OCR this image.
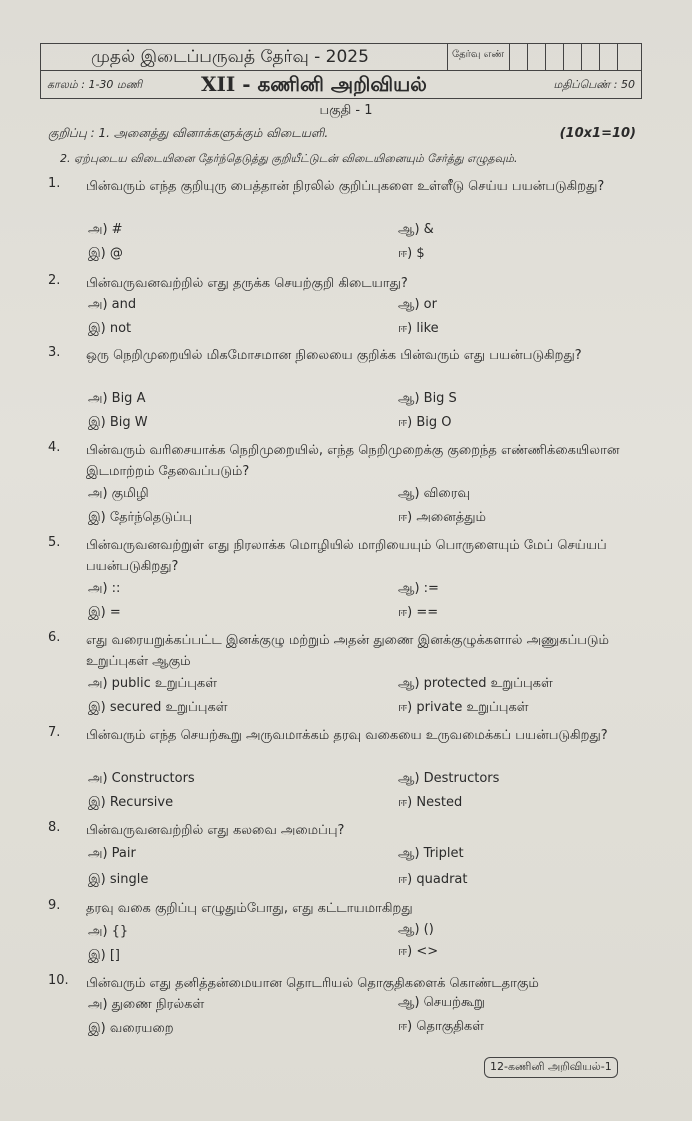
முதல் இடைப்பருவத் தேர்வு - 2025	தேர்வு எண்
காலம் : 1-30 மணி	XII - கணினி அறிவியல்	மதிப்பெண் : 50
பகுதி - 1
குறிப்பு : 1. அனைத்து வினாக்களுக்கும் விடையளி.	(10x1=10)
2. ஏற்புடைய விடையினை தேர்ந்தெடுத்து குறியீட்டுடன் விடையினையும் சேர்த்து எழுதவும்.
1. பின்வரும் எந்த குறியுரு பைத்தான் நிரலில் குறிப்புகளை உள்ளீடு செய்ய பயன்படுகிறது?
அ) #	ஆ) &
இ) @	ஈ) $
2. பின்வருவனவற்றில் எது தருக்க செயற்குறி கிடையாது?
அ) and	ஆ) or
இ) not	ஈ) like
3. ஒரு நெறிமுறையில் மிகமோசமான நிலையை குறிக்க பின்வரும் எது பயன்படுகிறது?
அ) Big A	ஆ) Big S
இ) Big W	ஈ) Big O
4. பின்வரும் வரிசையாக்க நெறிமுறையில், எந்த நெறிமுறைக்கு குறைந்த எண்ணிக்கையிலான இடமாற்றம் தேவைப்படும்?
அ) குமிழி	ஆ) விரைவு
இ) தேர்ந்தெடுப்பு	ஈ) அனைத்தும்
5. பின்வருவனவற்றுள் எது நிரலாக்க மொழியில் மாறியையும் பொருளையும் மேப் செய்யப் பயன்படுகிறது?
அ) ::	ஆ) :=
இ) =	ஈ) ==
6. எது வரையறுக்கப்பட்ட இனக்குழு மற்றும் அதன் துணை இனக்குழுக்களால் அணுகப்படும் உறுப்புகள் ஆகும்
அ) public உறுப்புகள்	ஆ) protected உறுப்புகள்
இ) secured உறுப்புகள்	ஈ) private உறுப்புகள்
7. பின்வரும் எந்த செயற்கூறு அருவமாக்கம் தரவு வகையை உருவமைக்கப் பயன்படுகிறது?
அ) Constructors	ஆ) Destructors
இ) Recursive	ஈ) Nested
8. பின்வருவனவற்றில் எது கலவை அமைப்பு?
அ) Pair	ஆ) Triplet
இ) single	ஈ) quadrat
9. தரவு வகை குறிப்பு எழுதும்போது, எது கட்டாயமாகிறது
அ) {}	ஆ) ()
இ) []	ஈ) <>
10. பின்வரும் எது தனித்தன்மையான தொடரியல் தொகுதிகளைக் கொண்டதாகும்
அ) துணை நிரல்கள்	ஆ) செயற்கூறு
இ) வரையறை	ஈ) தொகுதிகள்
12-கணினி அறிவியல்-1
